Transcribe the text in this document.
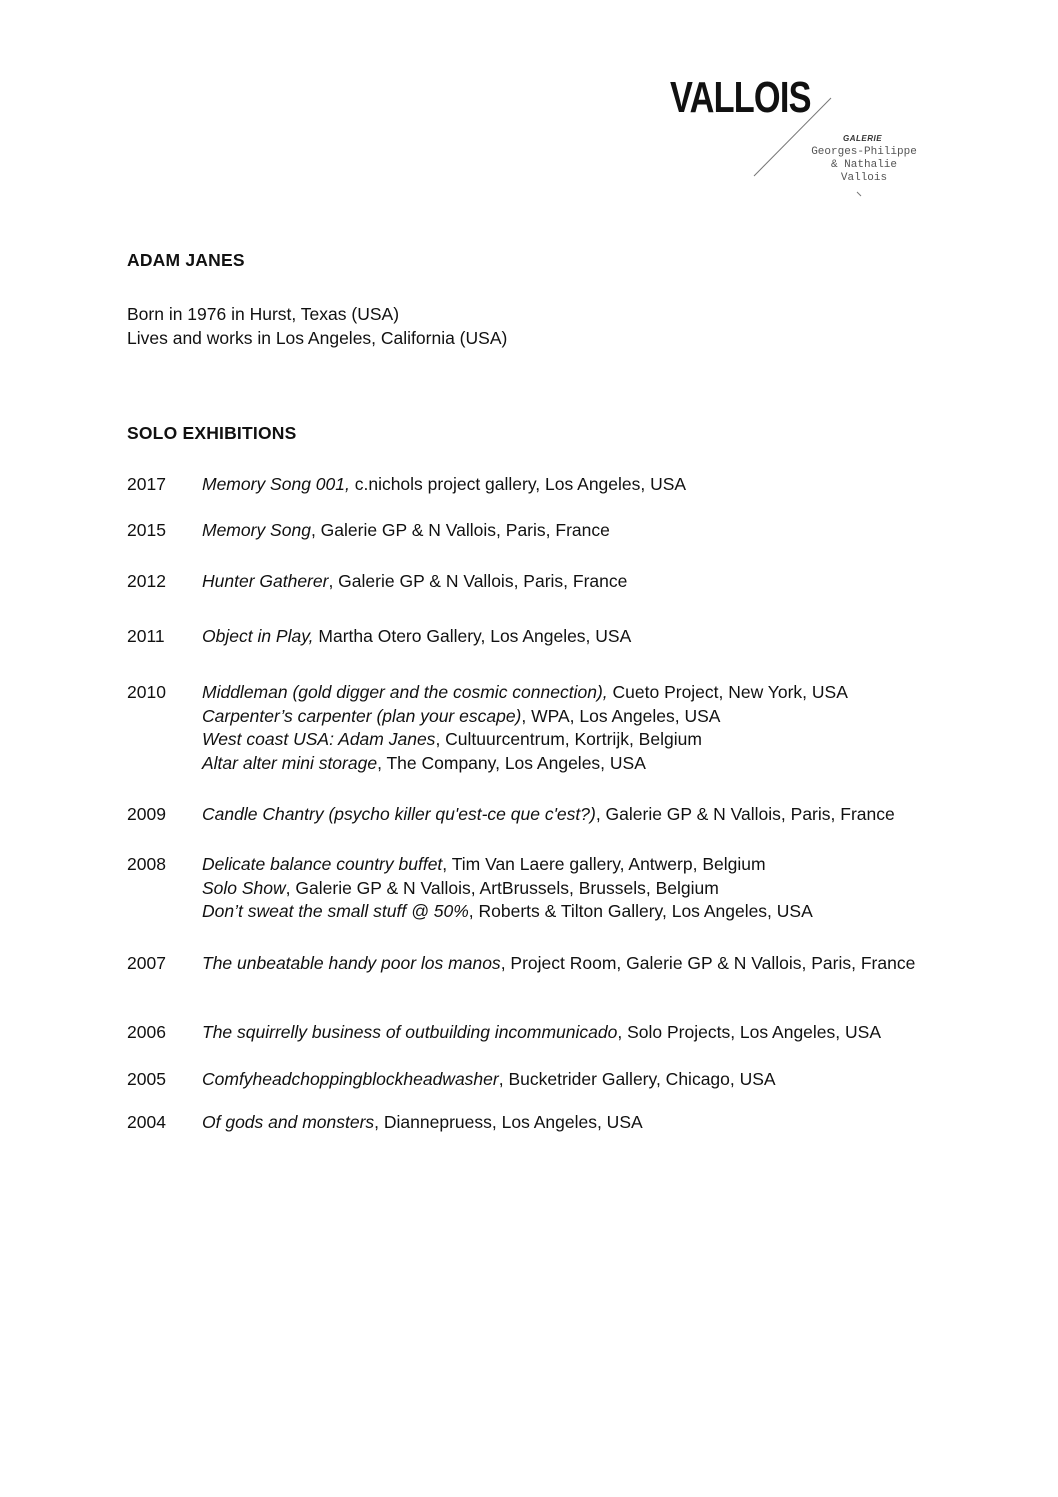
VALLOIS
GALERIE
Georges-Philippe
& Nathalie
Vallois
ADAM JANES
Born in 1976 in Hurst, Texas (USA)
Lives and works in Los Angeles, California (USA)
SOLO EXHIBITIONS
2017 Memory Song 001, c.nichols project gallery, Los Angeles, USA
2015 Memory Song, Galerie GP & N Vallois, Paris, France
2012 Hunter Gatherer, Galerie GP & N Vallois, Paris, France
2011 Object in Play, Martha Otero Gallery, Los Angeles, USA
2010 Middleman (gold digger and the cosmic connection), Cueto Project, New York, USA
Carpenter’s carpenter (plan your escape), WPA, Los Angeles, USA
West coast USA: Adam Janes, Cultuurcentrum, Kortrijk, Belgium
Altar alter mini storage, The Company, Los Angeles, USA
2009 Candle Chantry (psycho killer qu'est-ce que c'est?), Galerie GP & N Vallois, Paris, France
2008 Delicate balance country buffet, Tim Van Laere gallery, Antwerp, Belgium
Solo Show, Galerie GP & N Vallois, ArtBrussels, Brussels, Belgium
Don’t sweat the small stuff @ 50%, Roberts & Tilton Gallery, Los Angeles, USA
2007 The unbeatable handy poor los manos, Project Room, Galerie GP & N Vallois, Paris, France
2006 The squirrelly business of outbuilding incommunicado, Solo Projects, Los Angeles, USA
2005 Comfyheadchoppingblockheadwasher, Bucketrider Gallery, Chicago, USA
2004 Of gods and monsters, Diannepruess, Los Angeles, USA
